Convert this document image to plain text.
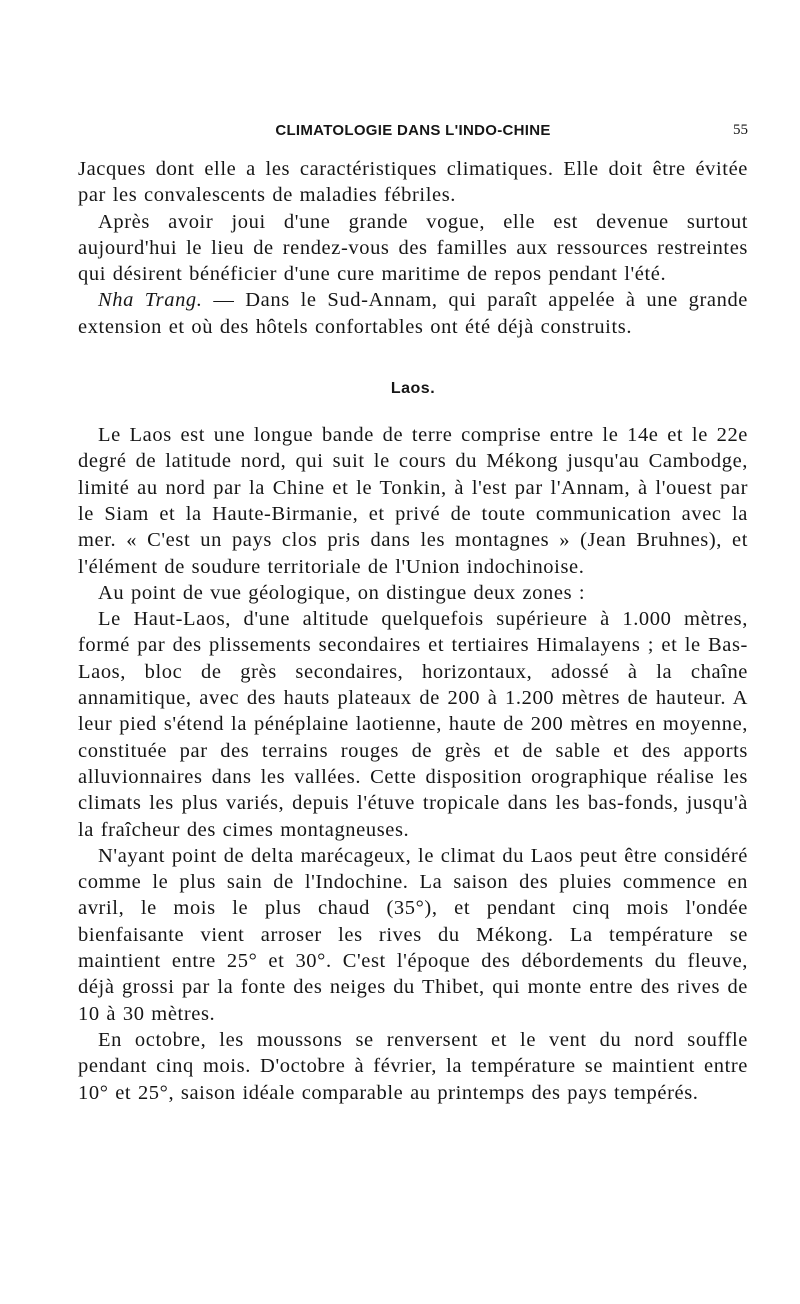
CLIMATOLOGIE DANS L'INDO-CHINE	55

Jacques dont elle a les caractéristiques climatiques. Elle doit être évitée par les convalescents de maladies fébriles.

Après avoir joui d'une grande vogue, elle est devenue surtout aujourd'hui le lieu de rendez-vous des familles aux ressources restreintes qui désirent bénéficier d'une cure maritime de repos pendant l'été.

Nha Trang. — Dans le Sud-Annam, qui paraît appelée à une grande extension et où des hôtels confortables ont été déjà construits.

Laos.

Le Laos est une longue bande de terre comprise entre le 14e et le 22e degré de latitude nord, qui suit le cours du Mékong jusqu'au Cambodge, limité au nord par la Chine et le Tonkin, à l'est par l'Annam, à l'ouest par le Siam et la Haute-Birmanie, et privé de toute communication avec la mer. « C'est un pays clos pris dans les montagnes » (Jean Bruhnes), et l'élément de soudure territoriale de l'Union indochinoise.

Au point de vue géologique, on distingue deux zones :

Le Haut-Laos, d'une altitude quelquefois supérieure à 1.000 mètres, formé par des plissements secondaires et tertiaires Himalayens ; et le Bas-Laos, bloc de grès secondaires, horizontaux, adossé à la chaîne annamitique, avec des hauts plateaux de 200 à 1.200 mètres de hauteur. A leur pied s'étend la pénéplaine laotienne, haute de 200 mètres en moyenne, constituée par des terrains rouges de grès et de sable et des apports alluvionnaires dans les vallées. Cette disposition orographique réalise les climats les plus variés, depuis l'étuve tropicale dans les bas-fonds, jusqu'à la fraîcheur des cimes montagneuses.

N'ayant point de delta marécageux, le climat du Laos peut être considéré comme le plus sain de l'Indochine. La saison des pluies commence en avril, le mois le plus chaud (35°), et pendant cinq mois l'ondée bienfaisante vient arroser les rives du Mékong. La température se maintient entre 25° et 30°. C'est l'époque des débordements du fleuve, déjà grossi par la fonte des neiges du Thibet, qui monte entre des rives de 10 à 30 mètres.

En octobre, les moussons se renversent et le vent du nord souffle pendant cinq mois. D'octobre à février, la température se maintient entre 10° et 25°, saison idéale comparable au printemps des pays tempérés.
